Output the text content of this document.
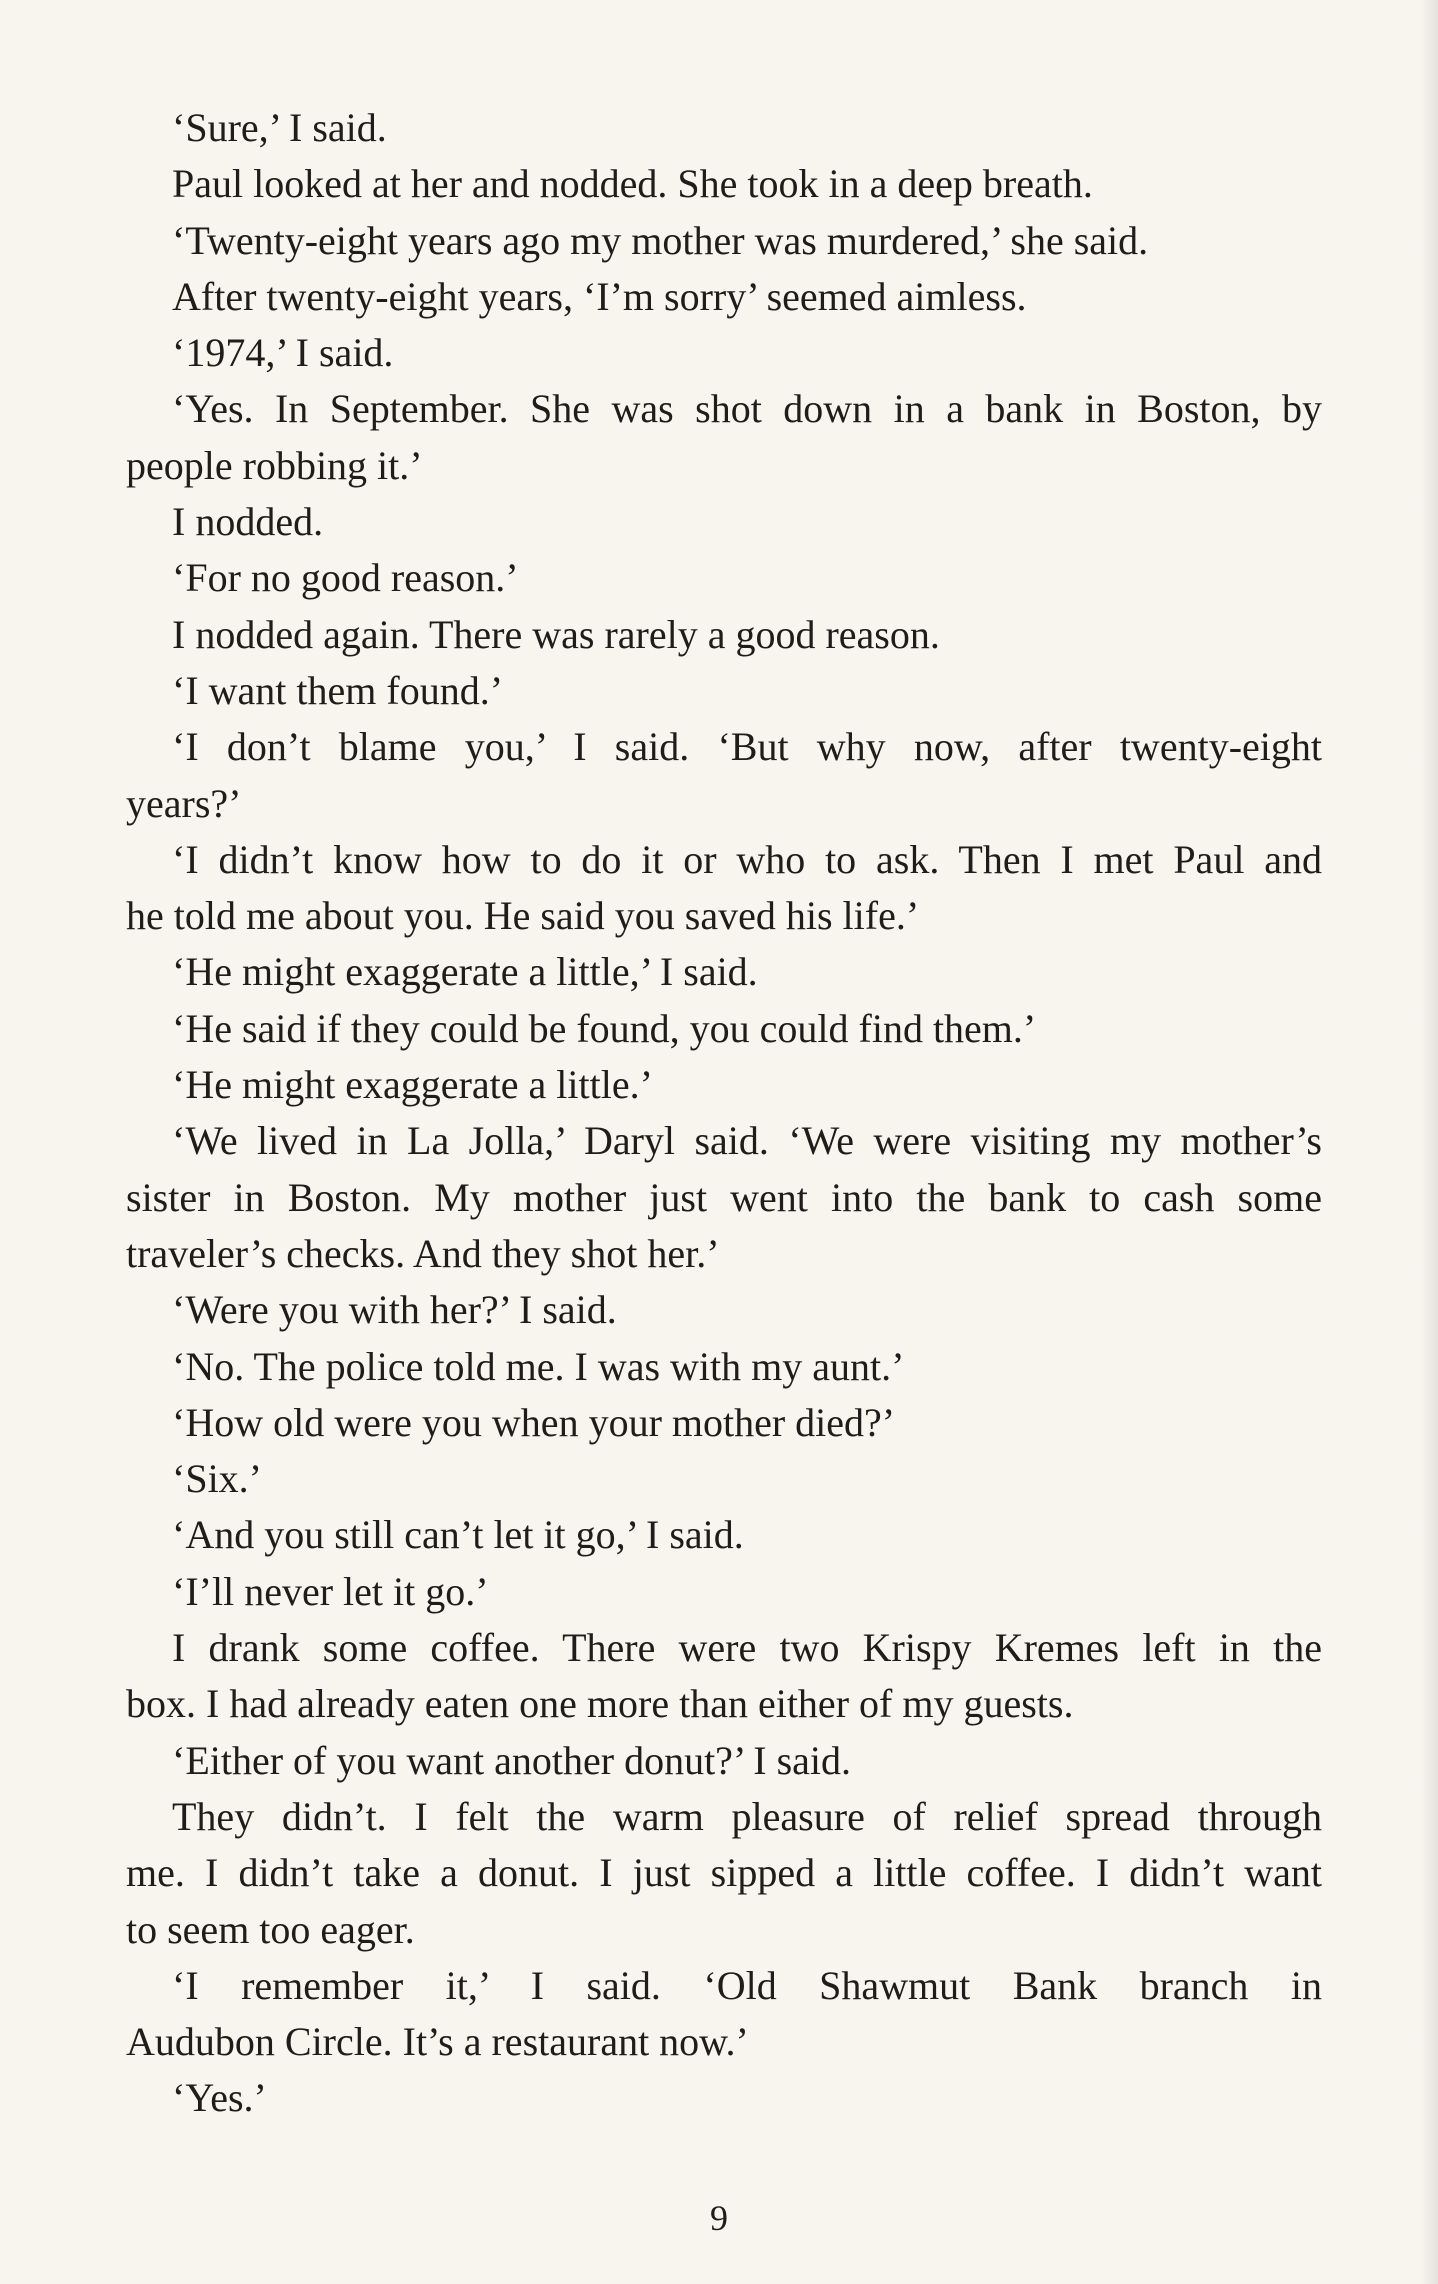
‘Sure,’ I said.
Paul looked at her and nodded. She took in a deep breath.
‘Twenty-eight years ago my mother was murdered,’ she said.
After twenty-eight years, ‘I’m sorry’ seemed aimless.
‘1974,’ I said.
‘Yes. In September. She was shot down in a bank in Boston, by
people robbing it.’
I nodded.
‘For no good reason.’
I nodded again. There was rarely a good reason.
‘I want them found.’
‘I don’t blame you,’ I said. ‘But why now, after twenty-eight
years?’
‘I didn’t know how to do it or who to ask. Then I met Paul and
he told me about you. He said you saved his life.’
‘He might exaggerate a little,’ I said.
‘He said if they could be found, you could find them.’
‘He might exaggerate a little.’
‘We lived in La Jolla,’ Daryl said. ‘We were visiting my mother’s
sister in Boston. My mother just went into the bank to cash some
traveler’s checks. And they shot her.’
‘Were you with her?’ I said.
‘No. The police told me. I was with my aunt.’
‘How old were you when your mother died?’
‘Six.’
‘And you still can’t let it go,’ I said.
‘I’ll never let it go.’
I drank some coffee. There were two Krispy Kremes left in the
box. I had already eaten one more than either of my guests.
‘Either of you want another donut?’ I said.
They didn’t. I felt the warm pleasure of relief spread through
me. I didn’t take a donut. I just sipped a little coffee. I didn’t want
to seem too eager.
‘I remember it,’ I said. ‘Old Shawmut Bank branch in
Audubon Circle. It’s a restaurant now.’
‘Yes.’
9
